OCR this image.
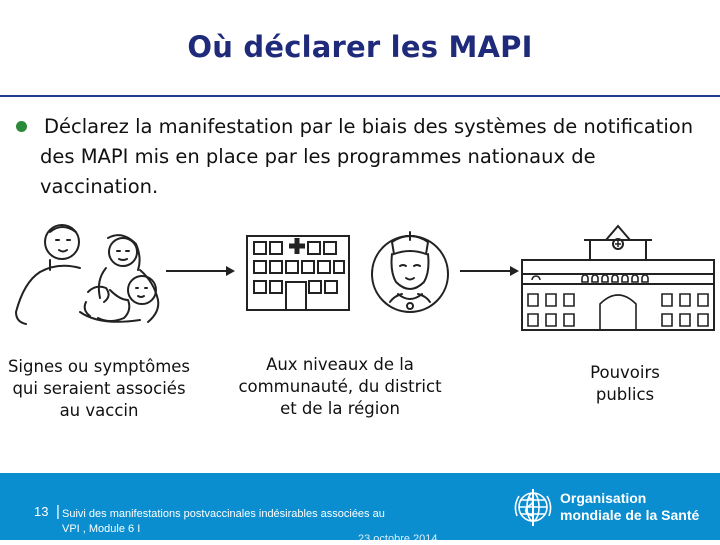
Où déclarer les MAPI
Déclarez la manifestation par le biais des systèmes de notification
des MAPI mis en place par les programmes nationaux de vaccination.
Signes ou symptômes
qui seraient associés
au vaccin
Aux niveaux de la
communauté, du district
et de la région
Pouvoirs
publics
13 | Suivi des manifestations postvaccinales indésirables associées au
VPI , Module 6 I
23 octobre 2014
Organisation
mondiale de la Santé
